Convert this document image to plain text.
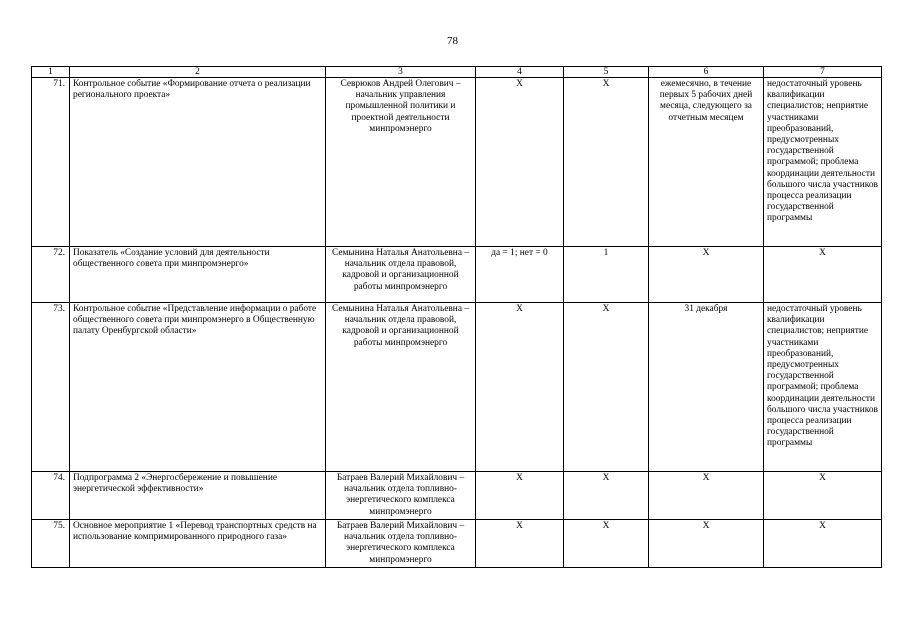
78
1	2	3	4	5	6	7
71.	Контрольное событие «Формирование отчета о реализации регионального проекта»	Севрюков Андрей Олегович – начальник управления промышленной политики и проектной деятельности минпромэнерго	Х	Х	ежемесячно, в течение первых 5 рабочих дней месяца, следующего за отчетным месяцем	недостаточный уровень квалификации специалистов; неприятие участниками преобразований, предусмотренных государственной программой; проблема координации деятельности большого числа участников процесса реализации государственной программы
72.	Показатель «Создание условий для деятельности общественного совета при минпромэнерго»	Семынина Наталья Анатольевна – начальник отдела правовой, кадровой и организационной работы минпромэнерго	да = 1; нет = 0	1	Х	Х
73.	Контрольное событие «Представление информации о работе общественного совета при минпромэнерго в Общественную палату Оренбургской области»	Семынина Наталья Анатольевна – начальник отдела правовой, кадровой и организационной работы минпромэнерго	Х	Х	31 декабря	недостаточный уровень квалификации специалистов; неприятие участниками преобразований, предусмотренных государственной программой; проблема координации деятельности большого числа участников процесса реализации государственной программы
74.	Подпрограмма 2 «Энергосбережение и повышение энергетической эффективности»	Батраев Валерий Михайлович – начальник отдела топливно-энергетического комплекса минпромэнерго	Х	Х	Х	Х
75.	Основное мероприятие 1 «Перевод транспортных средств на использование компримированного природного газа»	Батраев Валерий Михайлович – начальник отдела топливно-энергетического комплекса минпромэнерго	Х	Х	Х	Х
